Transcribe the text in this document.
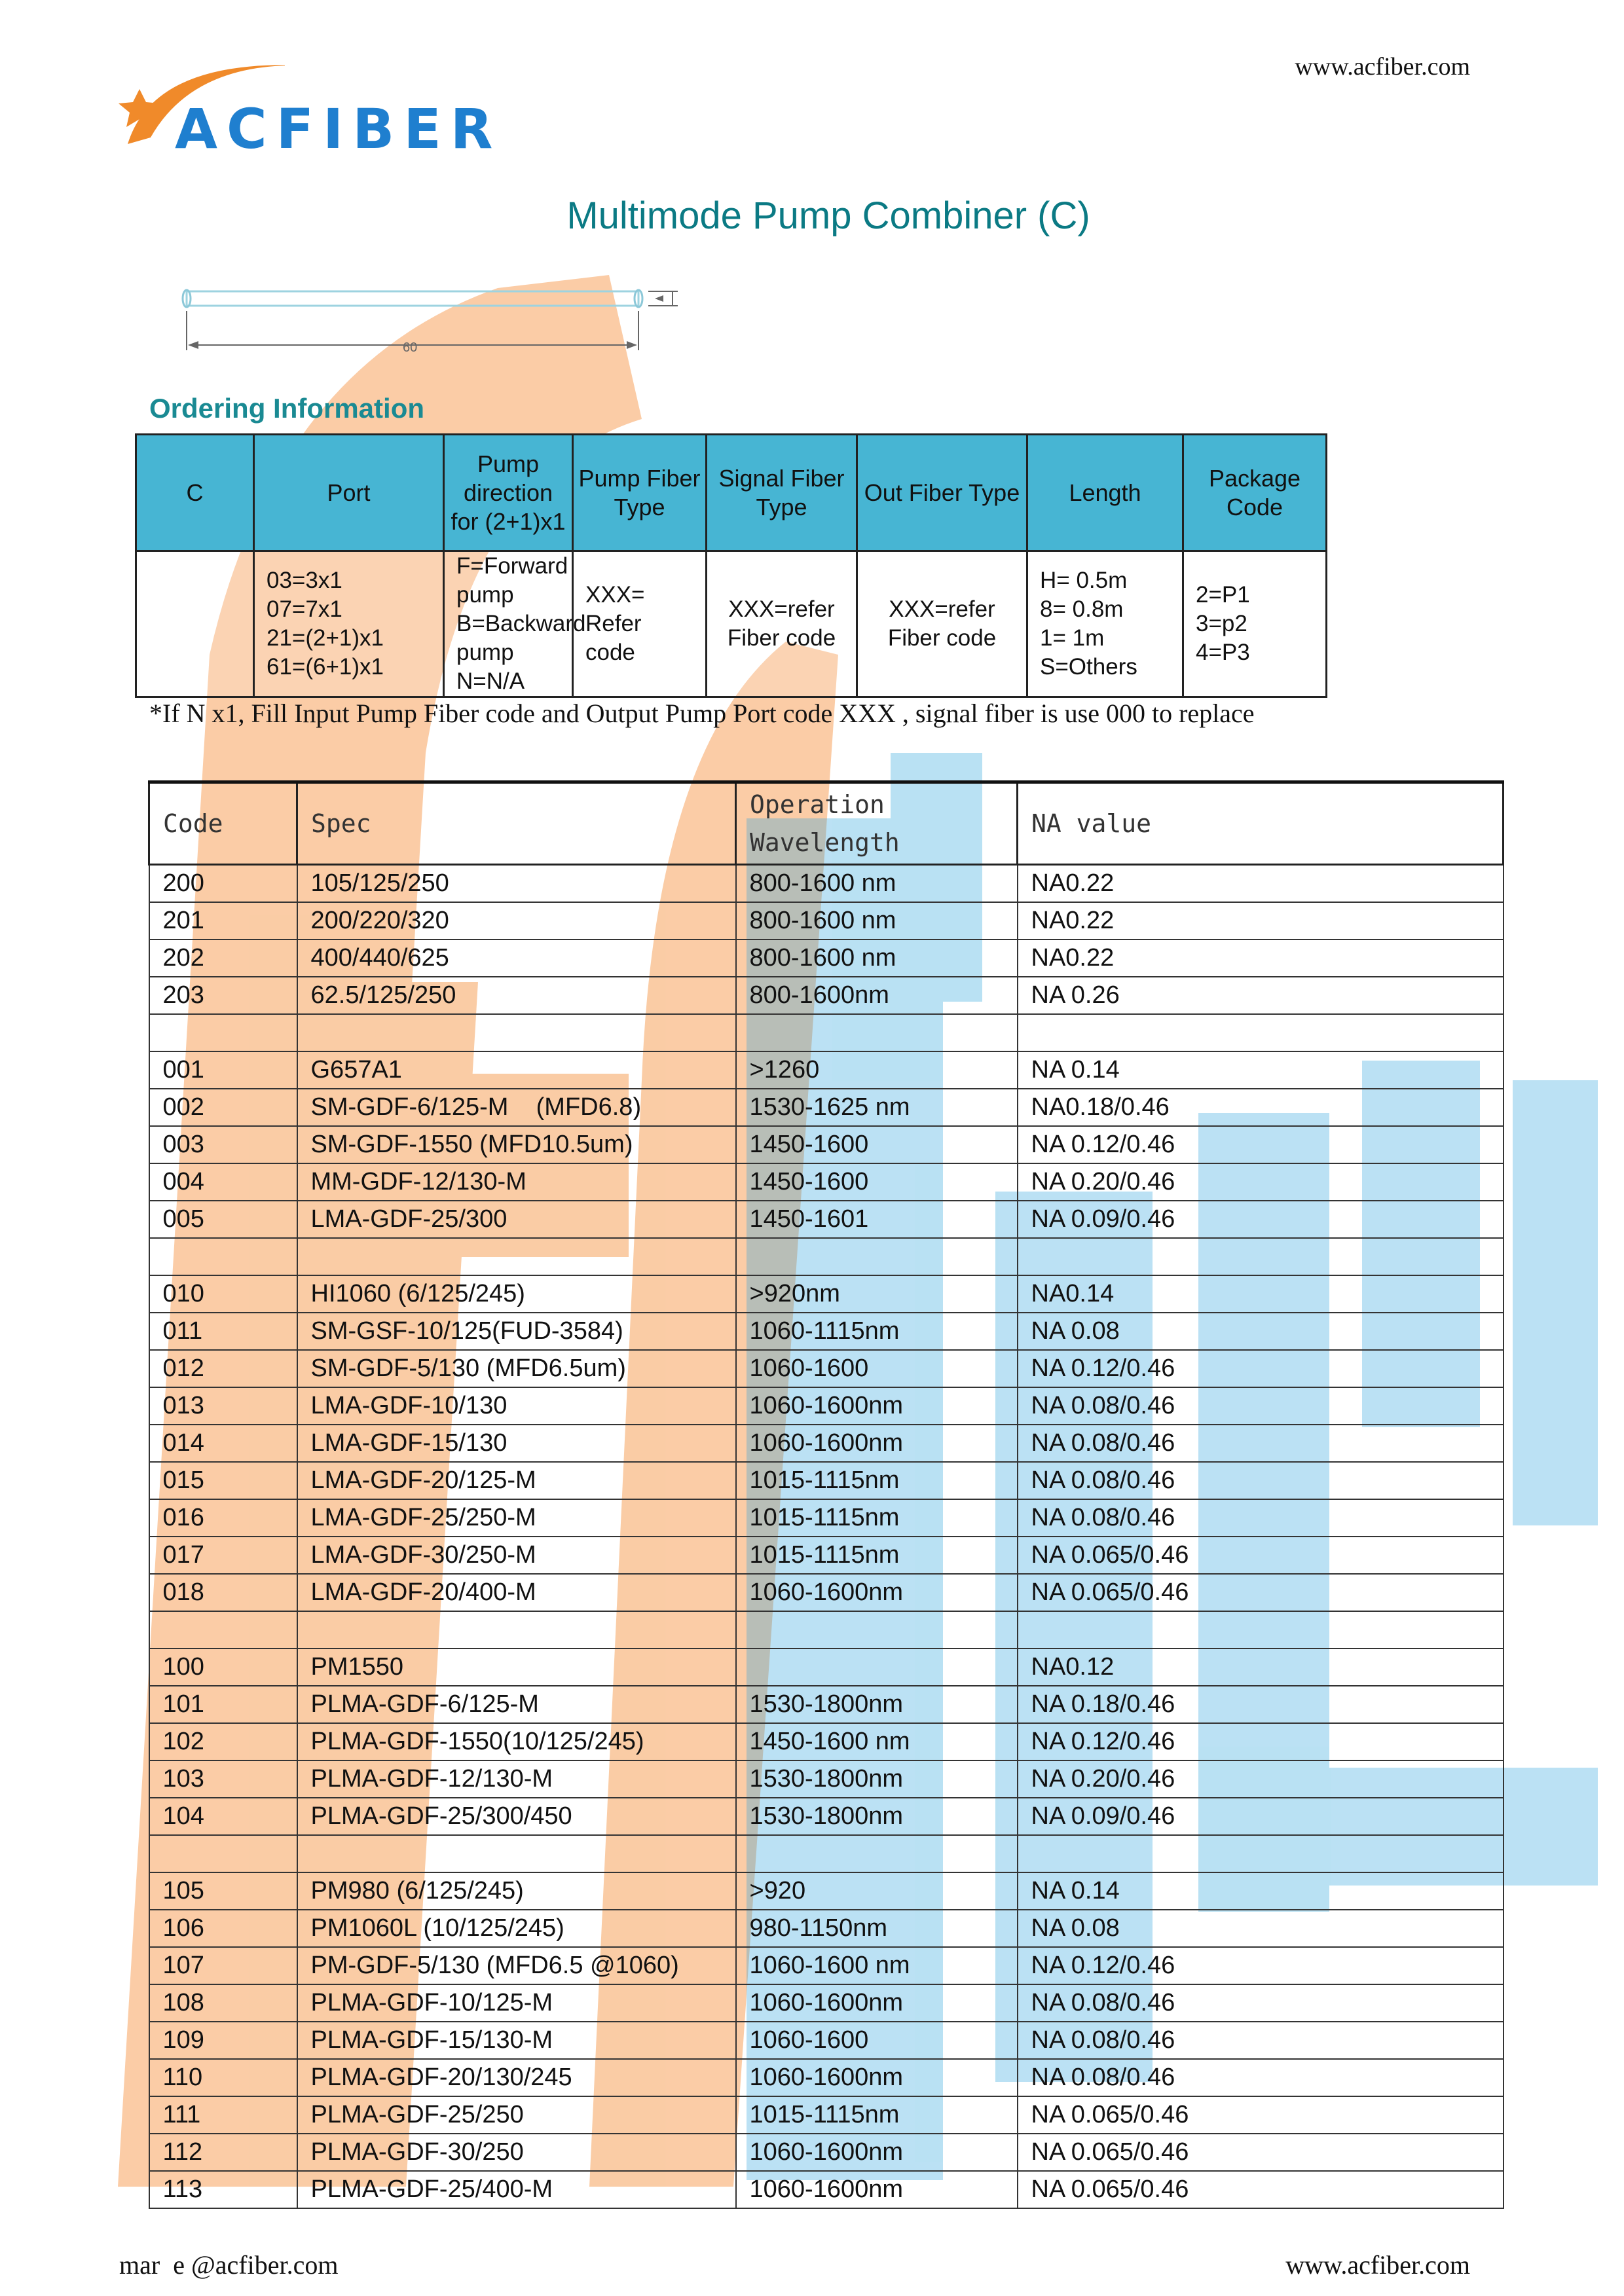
ACFIBER
www.acfiber.com
Multimode Pump Combiner (C)
60
Ordering Information
C	Port	Pump direction for (2+1)x1	Pump Fiber Type	Signal Fiber Type	Out Fiber Type	Length	Package Code
	03=3x1
07=7x1
21=(2+1)x1
61=(6+1)x1	F=Forward pump
B=Backward pump
N=N/A	XXX=
Refer
code	XXX=refer
Fiber code	XXX=refer
Fiber code	H= 0.5m
8= 0.8m
1= 1m
S=Others	2=P1
3=p2
4=P3
*If N x1, Fill Input Pump Fiber code and Output Pump Port code XXX , signal fiber is use 000 to replace
Code	Spec	Operation
Wavelength	NA value
200	105/125/250	800-1600 nm	NA0.22
201	200/220/320	800-1600 nm	NA0.22
202	400/440/625	800-1600 nm	NA0.22
203	62.5/125/250	800-1600nm	NA 0.26

001	G657A1	>1260	NA 0.14
002	SM-GDF-6/125-M    (MFD6.8)	1530-1625 nm	NA0.18/0.46
003	SM-GDF-1550 (MFD10.5um)	1450-1600	NA 0.12/0.46
004	MM-GDF-12/130-M	1450-1600	NA 0.20/0.46
005	LMA-GDF-25/300	1450-1601	NA 0.09/0.46

010	HI1060 (6/125/245)	>920nm	NA0.14
011	SM-GSF-10/125(FUD-3584)	1060-1115nm	NA 0.08
012	SM-GDF-5/130 (MFD6.5um)	1060-1600	NA 0.12/0.46
013	LMA-GDF-10/130	1060-1600nm	NA 0.08/0.46
014	LMA-GDF-15/130	1060-1600nm	NA 0.08/0.46
015	LMA-GDF-20/125-M	1015-1115nm	NA 0.08/0.46
016	LMA-GDF-25/250-M	1015-1115nm	NA 0.08/0.46
017	LMA-GDF-30/250-M	1015-1115nm	NA 0.065/0.46
018	LMA-GDF-20/400-M	1060-1600nm	NA 0.065/0.46

100	PM1550		NA0.12
101	PLMA-GDF-6/125-M	1530-1800nm	NA 0.18/0.46
102	PLMA-GDF-1550(10/125/245)	1450-1600 nm	NA 0.12/0.46
103	PLMA-GDF-12/130-M	1530-1800nm	NA 0.20/0.46
104	PLMA-GDF-25/300/450	1530-1800nm	NA 0.09/0.46

105	PM980 (6/125/245)	>920	NA 0.14
106	PM1060L (10/125/245)	980-1150nm	NA 0.08
107	PM-GDF-5/130 (MFD6.5 @1060)	1060-1600 nm	NA 0.12/0.46
108	PLMA-GDF-10/125-M	1060-1600nm	NA 0.08/0.46
109	PLMA-GDF-15/130-M	1060-1600	NA 0.08/0.46
110	PLMA-GDF-20/130/245	1060-1600nm	NA 0.08/0.46
111	PLMA-GDF-25/250	1015-1115nm	NA 0.065/0.46
112	PLMA-GDF-30/250	1060-1600nm	NA 0.065/0.46
113	PLMA-GDF-25/400-M	1060-1600nm	NA 0.065/0.46
mar  e @acfiber.com	www.acfiber.com
